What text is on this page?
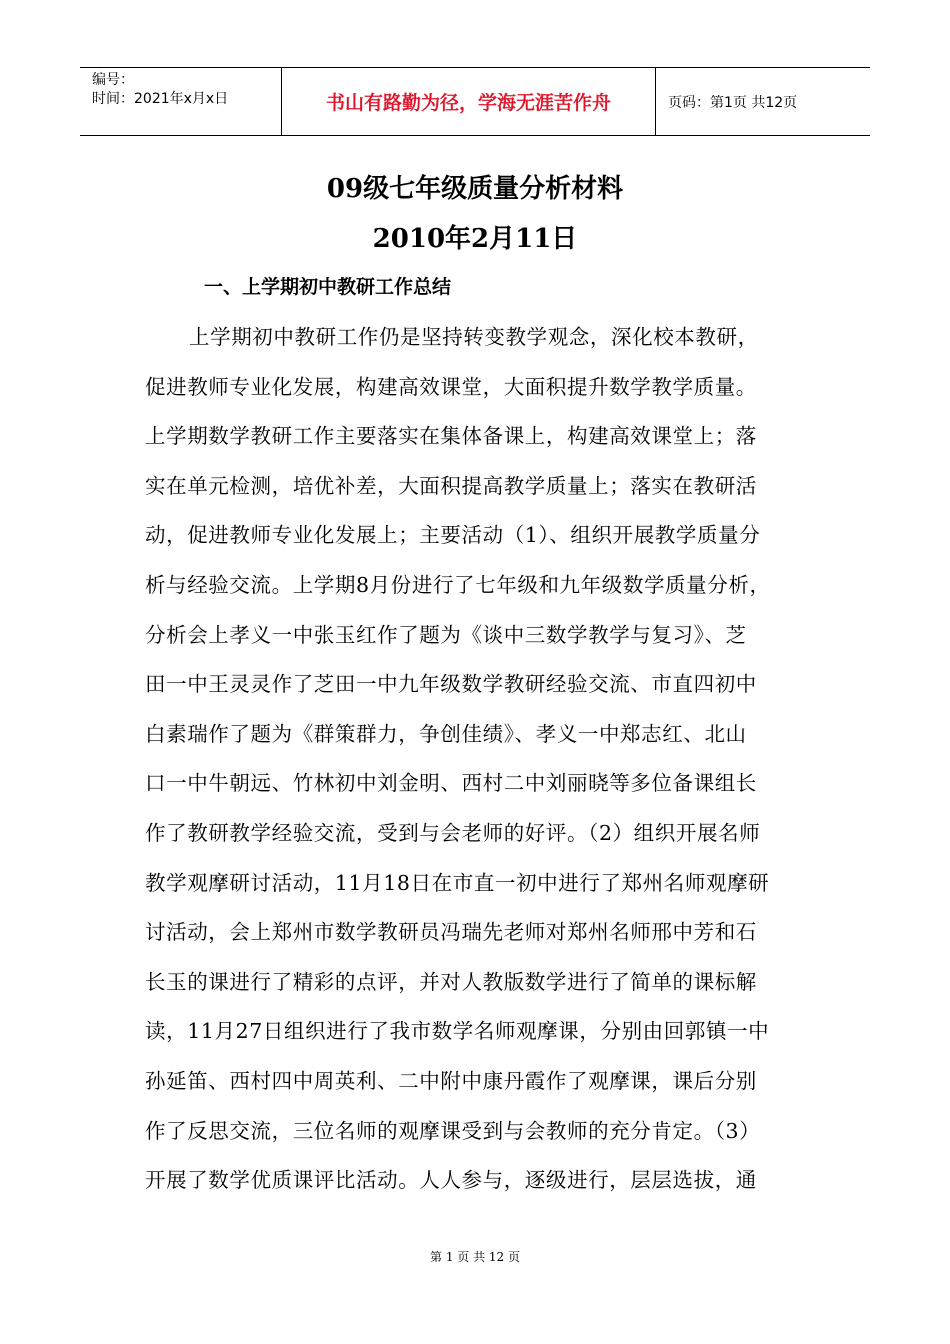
编号：
时间：2021年x月x日	书山有路勤为径，学海无涯苦作舟	页码：第1页 共12页
09级七年级质量分析材料
2010年2月11日
一、上学期初中教研工作总结
上学期初中教研工作仍是坚持转变教学观念，深化校本教研，
促进教师专业化发展，构建高效课堂，大面积提升数学教学质量。
上学期数学教研工作主要落实在集体备课上，构建高效课堂上；落
实在单元检测，培优补差，大面积提高教学质量上；落实在教研活
动，促进教师专业化发展上；主要活动（1）、组织开展教学质量分
析与经验交流。上学期8月份进行了七年级和九年级数学质量分析，
分析会上孝义一中张玉红作了题为《谈中三数学教学与复习》、芝
田一中王灵灵作了芝田一中九年级数学教研经验交流、市直四初中
白素瑞作了题为《群策群力，争创佳绩》、孝义一中郑志红、北山
口一中牛朝远、竹林初中刘金明、西村二中刘丽晓等多位备课组长
作了教研教学经验交流，受到与会老师的好评。（2）组织开展名师
教学观摩研讨活动，11月18日在市直一初中进行了郑州名师观摩研
讨活动，会上郑州市数学教研员冯瑞先老师对郑州名师邢中芳和石
长玉的课进行了精彩的点评，并对人教版数学进行了简单的课标解
读，11月27日组织进行了我市数学名师观摩课，分别由回郭镇一中
孙延笛、西村四中周英利、二中附中康丹霞作了观摩课，课后分别
作了反思交流，三位名师的观摩课受到与会教师的充分肯定。（3）
开展了数学优质课评比活动。人人参与，逐级进行，层层选拔，通
第 1 页 共 12 页
